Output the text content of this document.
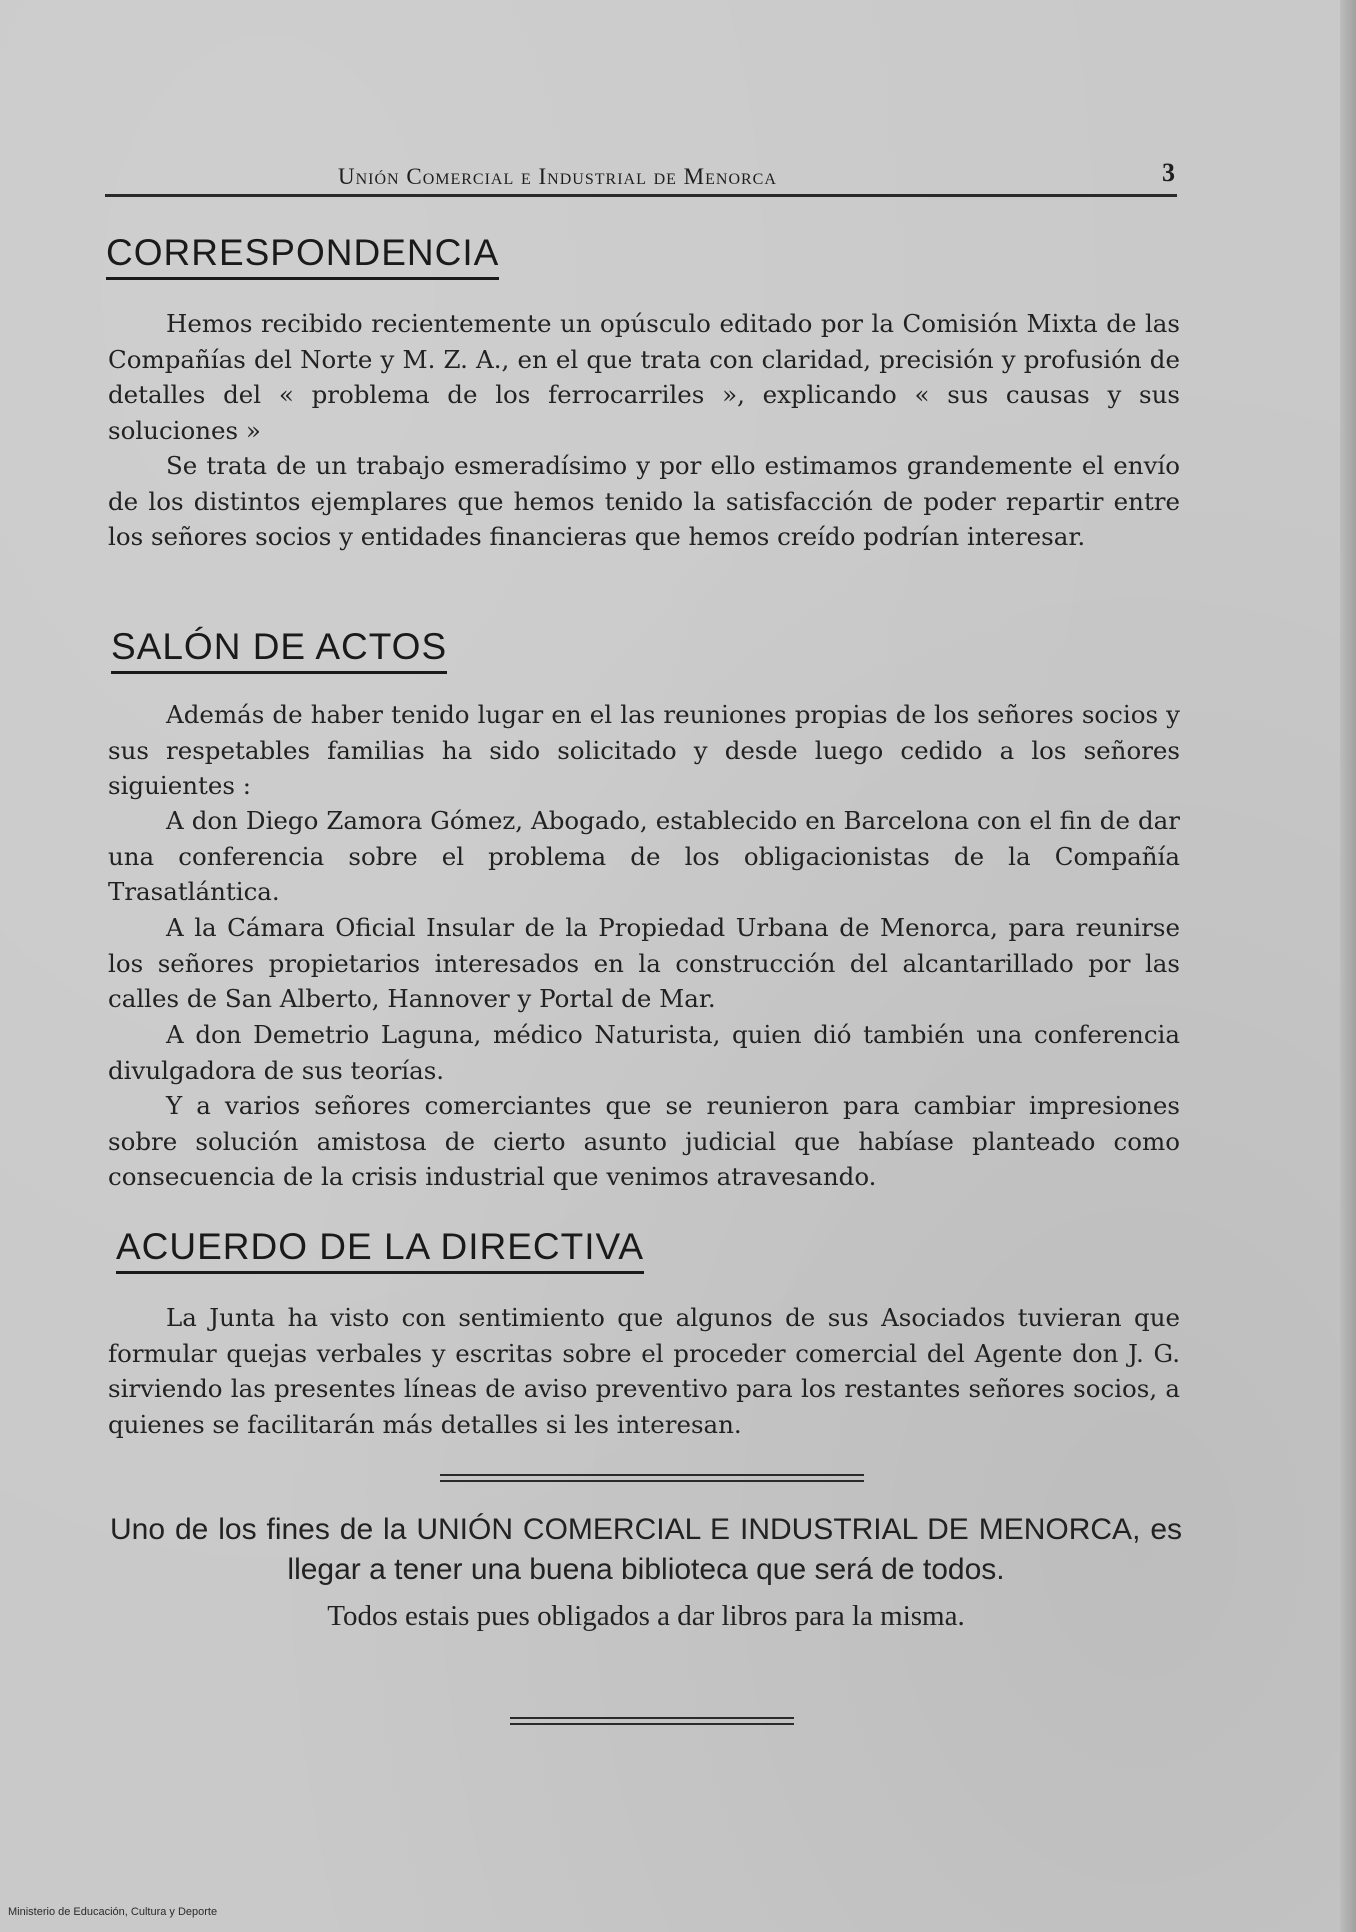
Unión Comercial e Industrial de Menorca	3
CORRESPONDENCIA

Hemos recibido recientemente un opúsculo editado por la Comisión Mixta de las Compañías del Norte y M. Z. A., en el que trata con claridad, precisión y profusión de detalles del « problema de los ferrocarriles », explicando « sus causas y sus soluciones »

Se trata de un trabajo esmeradísimo y por ello estimamos grandemente el envío de los distintos ejemplares que hemos tenido la satisfacción de poder repartir entre los señores socios y entidades financieras que hemos creído podrían interesar.

SALÓN DE ACTOS

Además de haber tenido lugar en el las reuniones propias de los señores socios y sus respetables familias ha sido solicitado y desde luego cedido a los señores siguientes :

A don Diego Zamora Gómez, Abogado, establecido en Barcelona con el fin de dar una conferencia sobre el problema de los obligacionistas de la Compañía Trasatlántica.

A la Cámara Oficial Insular de la Propiedad Urbana de Menorca, para reunirse los señores propietarios interesados en la construcción del alcantarillado por las calles de San Alberto, Hannover y Portal de Mar.

A don Demetrio Laguna, médico Naturista, quien dió también una conferencia divulgadora de sus teorías.

Y a varios señores comerciantes que se reunieron para cambiar impresiones sobre solución amistosa de cierto asunto judicial que habíase planteado como consecuencia de la crisis industrial que venimos atravesando.

ACUERDO DE LA DIRECTIVA

La Junta ha visto con sentimiento que algunos de sus Asociados tuvieran que formular quejas verbales y escritas sobre el proceder comercial del Agente don J. G. sirviendo las presentes líneas de aviso preventivo para los restantes señores socios, a quienes se facilitarán más detalles si les interesan.

Uno de los fines de la UNIÓN COMERCIAL E INDUSTRIAL DE MENORCA, es llegar a tener una buena biblioteca que será de todos.

Todos estais pues obligados a dar libros para la misma.

Ministerio de Educación, Cultura y Deporte
